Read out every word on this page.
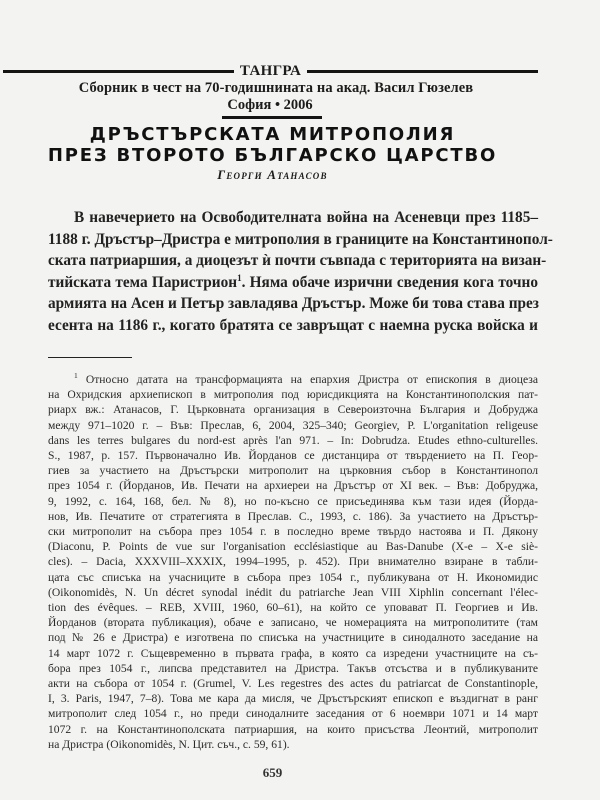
ТАНГРА
Сборник в чест на 70-годишнината на акад. Васил Гюзелев
София • 2006
ДРЪСТЪРСКАТА МИТРОПОЛИЯ
ПРЕЗ ВТОРОТО БЪЛГАРСКО ЦАРСТВО
Георги Атанасов
В навечерието на Освободителната война на Асеневци през 1185–
1188 г. Дръстър–Дристра е митрополия в границите на Константинопол-
ската патриаршия, а диоцезът ѝ почти съвпада с територията на визан-
тийската тема Паристрион$^1$. Няма обаче изрични сведения кога точно
армията на Асен и Петър завладява Дръстър. Може би това става през
есента на 1186 г., когато братята се завръщат с наемна руска войска и
$^1$ Относно датата на трансформацията на епархия Дристра от епископия в диоцеза
на Охридския архиепископ в митрополия под юрисдикцията на Константинополския пат-
риарх вж.: Атанасов, Г. Църковната организация в Североизточна България и Добруджа
между 971–1020 г. – Във: Преслав, 6, 2004, 325–340; Georgiev, P. L'organitation religeuse
dans les terres bulgares du nord-est après l'an 971. – In: Dobrudza. Etudes ethno-culturelles.
S., 1987, p. 157. Първоначално Ив. Йорданов се дистанцира от твърдението на П. Геор-
гиев за участието на Дръстърски митрополит на църковния събор в Константинопол
през 1054 г. (Йорданов, Ив. Печати на архиереи на Дръстър от XI век. – Във: Добруджа,
9, 1992, с. 164, 168, бел. № 8), но по-късно се присъединява към тази идея (Йорда-
нов, Ив. Печатите от стратегията в Преслав. С., 1993, с. 186). За участието на Дръстър-
ски митрополит на събора през 1054 г. в последно време твърдо настоява и П. Дякону
(Diaconu, P. Points de vue sur l'organisation ecclésiastique au Bas-Danube (X-e – X-e siè-
cles). – Dacia, XXXVIII–XXXIX, 1994–1995, p. 452). При внимателно взиране в табли-
цата със списъка на учасниците в събора през 1054 г., публикувана от Н. Икономидис
(Oikonomidès, N. Un décret synodal inédit du patriarche Jean VIII Xiphlin concernant l'élec-
tion des évêques. – REB, XVIII, 1960, 60–61), на който се уповават П. Георгиев и Ив.
Йорданов (втората публикация), обаче е записано, че номерацията на митрополитите (там
под № 26 е Дристра) е изготвена по списъка на участниците в синодалното заседание на
14 март 1072 г. Същевременно в първата графа, в която са изредени участниците на съ-
бора през 1054 г., липсва представител на Дристра. Такъв отсъства и в публикуваните
акти на събора от 1054 г. (Grumel, V. Les regestres des actes du patriarcat de Constantinople,
I, 3. Paris, 1947, 7–8). Това ме кара да мисля, че Дръстърският епископ е въздигнат в ранг
митрополит след 1054 г., но преди синодалните заседания от 6 ноември 1071 и 14 март
1072 г. на Константинополската патриаршия, на които присъства Леонтий, митрополит
на Дристра (Oikonomidès, N. Цит. съч., с. 59, 61).
659
